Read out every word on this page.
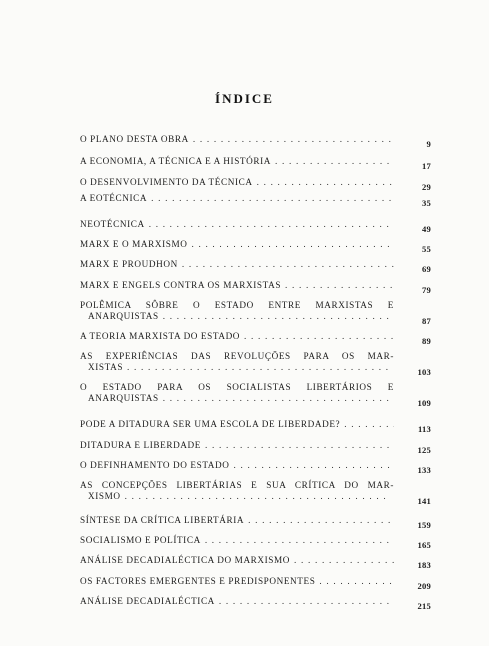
ÍNDICE
O PLANO DESTA OBRA . . .	9
A ECONOMIA, A TÉCNICA E A HISTÓRIA . . .	17
O DESENVOLVIMENTO DA TÉCNICA . . .	29
A EOTÉCNICA . . .	35
NEOTÉCNICA . . .	49
MARX E O MARXISMO . . .	55
MARX E PROUDHON . . .	69
MARX E ENGELS CONTRA OS MARXISTAS . . .	79
POLÊMICA SÔBRE O ESTADO ENTRE MARXISTAS E
ANARQUISTAS . . .	87
A TEORIA MARXISTA DO ESTADO . . .	89
AS EXPERIÊNCIAS DAS REVOLUÇÕES PARA OS MAR-
XISTAS . . .	103
O ESTADO PARA OS SOCIALISTAS LIBERTÁRIOS E
ANARQUISTAS . . .	109
PODE A DITADURA SER UMA ESCOLA DE LIBERDADE? . . .	113
DITADURA E LIBERDADE . . .	125
O DEFINHAMENTO DO ESTADO . . .	133
AS CONCEPÇÕES LIBERTÁRIAS E SUA CRÍTICA DO MAR-
XISMO . . .	141
SÍNTESE DA CRÍTICA LIBERTÁRIA . . .	159
SOCIALISMO E POLÍTICA . . .	165
ANÁLISE DECADIALÉCTICA DO MARXISMO . . .	183
OS FACTORES EMERGENTES E PREDISPONENTES . . .	209
ANÁLISE DECADIALÉCTICA . . .	215
